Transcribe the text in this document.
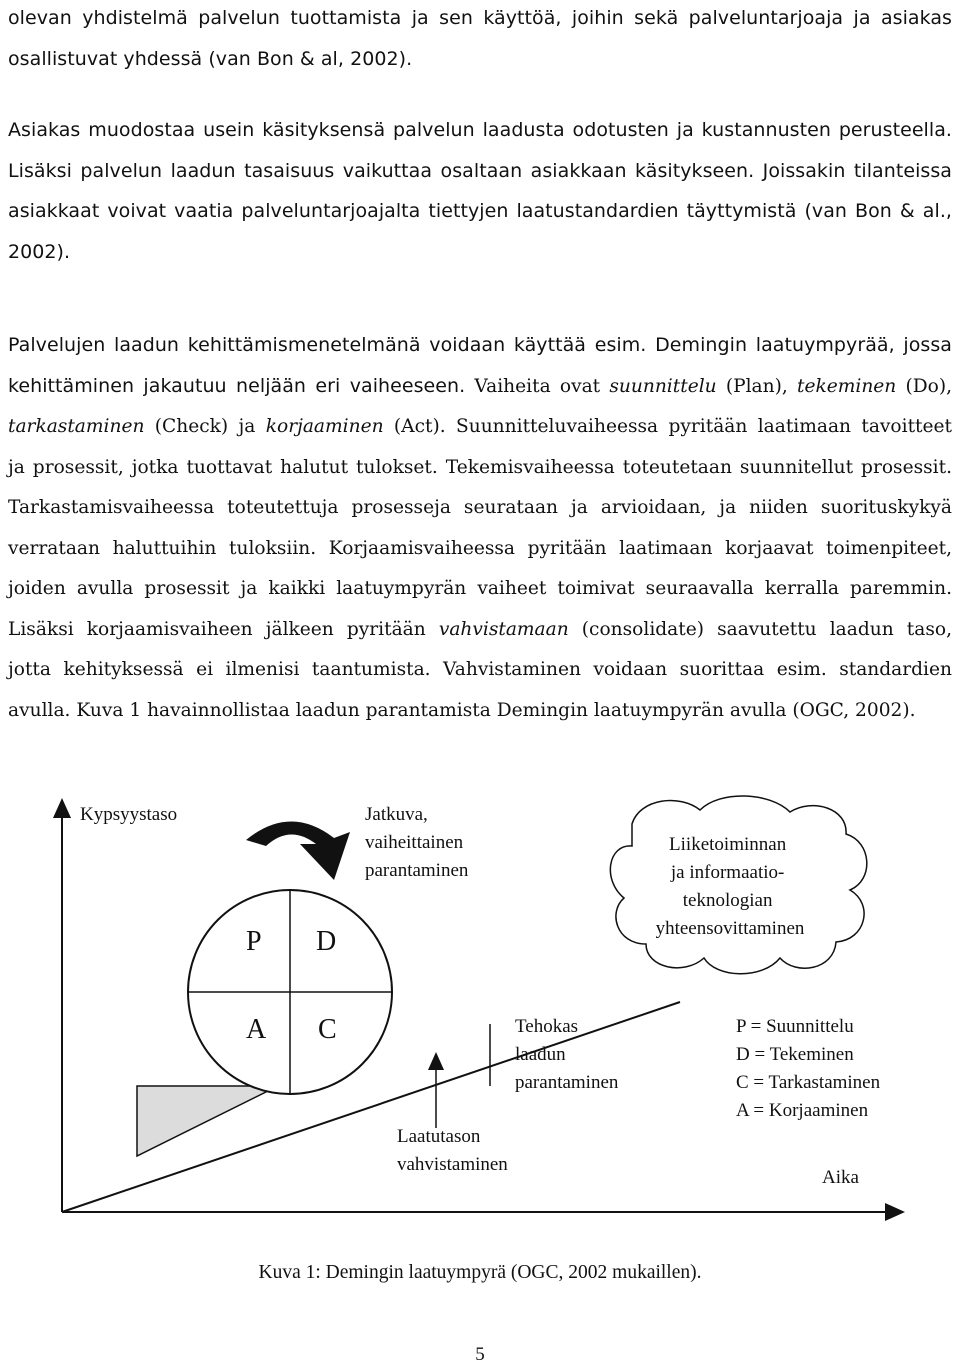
olevan yhdistelmä palvelun tuottamista ja sen käyttöä, joihin sekä palveluntarjoaja ja asiakas
osallistuvat yhdessä (van Bon & al, 2002).
Asiakas muodostaa usein käsityksensä palvelun laadusta odotusten ja kustannusten perusteella.
Lisäksi palvelun laadun tasaisuus vaikuttaa osaltaan asiakkaan käsitykseen. Joissakin tilanteissa
asiakkaat voivat vaatia palveluntarjoajalta tiettyjen laatustandardien täyttymistä (van Bon & al.,
2002).
Palvelujen laadun kehittämismenetelmänä voidaan käyttää esim. Demingin laatuympyrää, jossa
kehittäminen jakautuu neljään eri vaiheeseen. Vaiheita ovat suunnittelu (Plan), tekeminen (Do),
tarkastaminen (Check) ja korjaaminen (Act). Suunnitteluvaiheessa pyritään laatimaan tavoitteet
ja prosessit, jotka tuottavat halutut tulokset. Tekemisvaiheessa toteutetaan suunnitellut prosessit.
Tarkastamisvaiheessa toteutettuja prosesseja seurataan ja arvioidaan, ja niiden suorituskykyä
verrataan haluttuihin tuloksiin. Korjaamisvaiheessa pyritään laatimaan korjaavat toimenpiteet,
joiden avulla prosessit ja kaikki laatuympyrän vaiheet toimivat seuraavalla kerralla paremmin.
Lisäksi korjaamisvaiheen jälkeen pyritään vahvistamaan (consolidate) saavutettu laadun taso,
jotta kehityksessä ei ilmenisi taantumista. Vahvistaminen voidaan suorittaa esim. standardien
avulla. Kuva 1 havainnollistaa laadun parantamista Demingin laatuympyrän avulla (OGC, 2002).
Kypsyystaso
Aika
P D
A C
Jatkuva, vaiheittainen parantaminen
Liiketoiminnan ja informaatio- teknologian yhteensovittaminen
Tehokas laadun parantaminen
Laatutason vahvistaminen
P = Suunnittelu D = Tekeminen C = Tarkastaminen A = Korjaaminen
Kuva 1: Demingin laatuympyrä (OGC, 2002 mukaillen).
5
